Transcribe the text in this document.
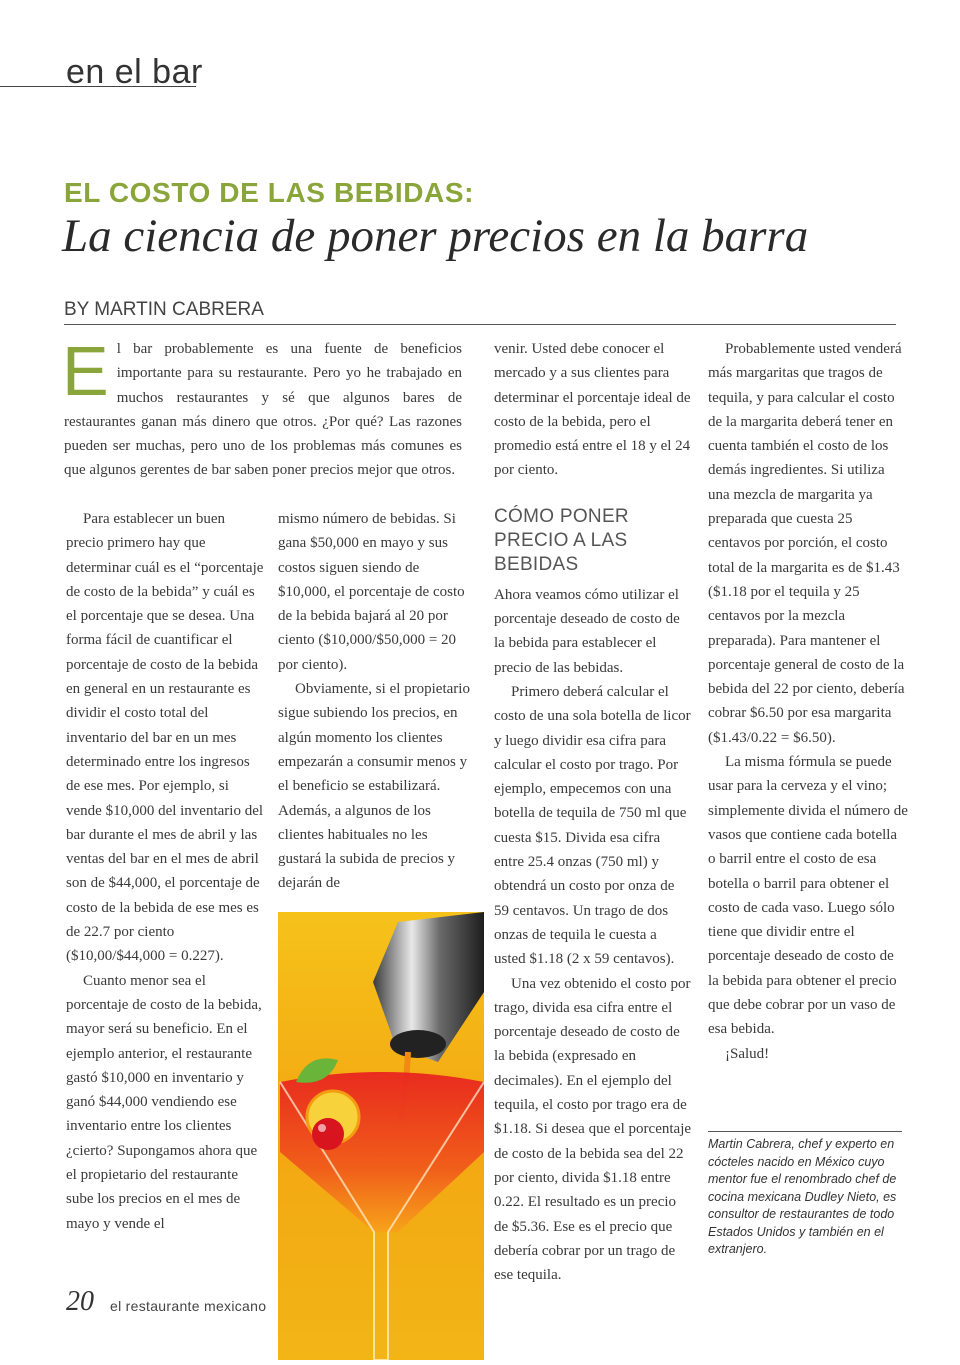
en el bar
EL COSTO DE LAS BEBIDAS:
La ciencia de poner precios en la barra
BY MARTIN CABRERA
E l bar probablemente es una fuente de beneficios importante para su restaurante. Pero yo he trabajado en muchos restaurantes y sé que algunos bares de restaurantes ganan más dinero que otros. ¿Por qué? Las razones pueden ser muchas, pero uno de los problemas más comunes es que algunos gerentes de bar saben poner precios mejor que otros.

Para establecer un buen precio primero hay que determinar cuál es el “porcentaje de costo de la bebida” y cuál es el porcentaje que se desea. Una forma fácil de cuantificar el porcentaje de costo de la bebida en general en un restaurante es dividir el costo total del inventario del bar en un mes determinado entre los ingresos de ese mes. Por ejemplo, si vende $10,000 del inventario del bar durante el mes de abril y las ventas del bar en el mes de abril son de $44,000, el porcentaje de costo de la bebida de ese mes es de 22.7 por ciento ($10,00/$44,000 = 0.227).

Cuanto menor sea el porcentaje de costo de la bebida, mayor será su beneficio. En el ejemplo anterior, el restaurante gastó $10,000 en inventario y ganó $44,000 vendiendo ese inventario entre los clientes ¿cierto? Supongamos ahora que el propietario del restaurante sube los precios en el mes de mayo y vende el

mismo número de bebidas. Si gana $50,000 en mayo y sus costos siguen siendo de $10,000, el porcentaje de costo de la bebida bajará al 20 por ciento ($10,000/$50,000 = 20 por ciento).

Obviamente, si el propietario sigue subiendo los precios, en algún momento los clientes empezarán a consumir menos y el beneficio se estabilizará. Además, a algunos de los clientes habituales no les gustará la subida de precios y dejarán de

venir. Usted debe conocer el mercado y a sus clientes para determinar el porcentaje ideal de costo de la bebida, pero el promedio está entre el 18 y el 24 por ciento.

CÓMO PONER PRECIO A LAS BEBIDAS

Ahora veamos cómo utilizar el porcentaje deseado de costo de la bebida para establecer el precio de las bebidas.

Primero deberá calcular el costo de una sola botella de licor y luego dividir esa cifra para calcular el costo por trago. Por ejemplo, empecemos con una botella de tequila de 750 ml que cuesta $15. Divida esa cifra entre 25.4 onzas (750 ml) y obtendrá un costo por onza de 59 centavos. Un trago de dos onzas de tequila le cuesta a usted $1.18 (2 x 59 centavos).

Una vez obtenido el costo por trago, divida esa cifra entre el porcentaje deseado de costo de la bebida (expresado en decimales). En el ejemplo del tequila, el costo por trago era de $1.18. Si desea que el porcentaje de costo de la bebida sea del 22 por ciento, divida $1.18 entre 0.22. El resultado es un precio de $5.36. Ese es el precio que debería cobrar por un trago de ese tequila.

Probablemente usted venderá más margaritas que tragos de tequila, y para calcular el costo de la margarita deberá tener en cuenta también el costo de los demás ingredientes. Si utiliza una mezcla de margarita ya preparada que cuesta 25 centavos por porción, el costo total de la margarita es de $1.43 ($1.18 por el tequila y 25 centavos por la mezcla preparada). Para mantener el porcentaje general de costo de la bebida del 22 por ciento, debería cobrar $6.50 por esa margarita ($1.43/0.22 = $6.50).

La misma fórmula se puede usar para la cerveza y el vino; simplemente divida el número de vasos que contiene cada botella o barril entre el costo de esa botella o barril para obtener el costo de cada vaso. Luego sólo tiene que dividir entre el porcentaje deseado de costo de la bebida para obtener el precio que debe cobrar por un vaso de esa bebida.

¡Salud!

Martin Cabrera, chef y experto en cócteles nacido en México cuyo mentor fue el renombrado chef de cocina mexicana Dudley Nieto, es consultor de restaurantes de todo Estados Unidos y también en el extranjero.
20 el restaurante mexicano
